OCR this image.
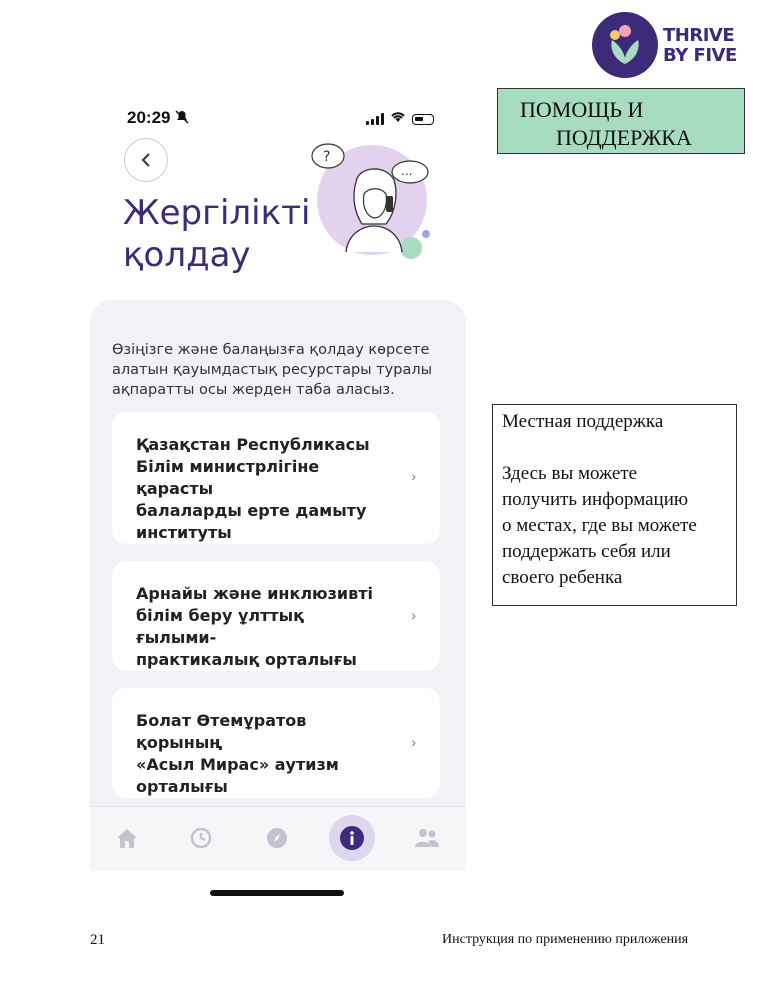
THRIVE
BY FIVE
ПОМОЩЬ И
ПОДДЕРЖКА
Местная поддержка
Здесь вы можете
получить информацию
о местах, где вы можете
поддержать себя или
своего ребенка
20:29
Жергілікті
қолдау
?
...
Өзіңізге және балаңызға қолдау көрсете алатын қауымдастық ресурстары туралы ақпаратты осы жерден таба аласыз.
Қазақстан Республикасы
Білім министрлігіне қарасты
балаларды ерте дамыту
институты
›
Арнайы және инклюзивті
білім беру ұлттық ғылыми-
практикалық орталығы
›
Болат Өтемұратов қорының
«Асыл Мирас» аутизм
орталығы
›
21	Инструкция по применению приложения
